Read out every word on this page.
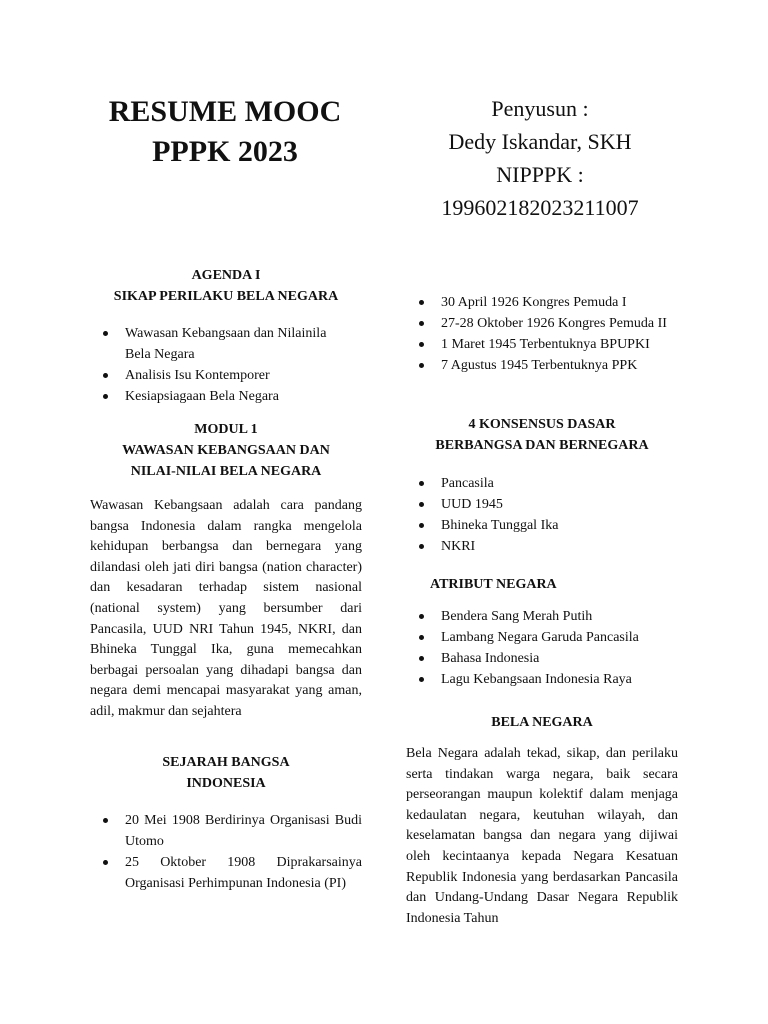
RESUME MOOC
PPPK 2023
Penyusun :
Dedy Iskandar, SKH
NIPPPK :
199602182023211007
AGENDA I
SIKAP PERILAKU BELA NEGARA
Wawasan Kebangsaan dan Nilainila Bela Negara
Analisis Isu Kontemporer
Kesiapsiagaan Bela Negara
MODUL 1
WAWASAN KEBANGSAAN DAN
NILAI-NILAI BELA NEGARA

Wawasan Kebangsaan adalah cara pandang bangsa Indonesia dalam rangka mengelola kehidupan berbangsa dan bernegara yang dilandasi oleh jati diri bangsa (nation character) dan kesadaran terhadap sistem nasional (national system) yang bersumber dari Pancasila, UUD NRI Tahun 1945, NKRI, dan Bhineka Tunggal Ika, guna memecahkan berbagai persoalan yang dihadapi bangsa dan negara demi mencapai masyarakat yang aman, adil, makmur dan sejahtera

SEJARAH BANGSA
INDONESIA
20 Mei 1908 Berdirinya Organisasi Budi Utomo
25 Oktober 1908 Diprakarsainya Organisasi Perhimpunan Indonesia (PI)
30 April 1926 Kongres Pemuda I
27-28 Oktober 1926 Kongres Pemuda II
1 Maret 1945 Terbentuknya BPUPKI
7 Agustus 1945 Terbentuknya PPK
4 KONSENSUS DASAR
BERBANGSA DAN BERNEGARA
Pancasila
UUD 1945
Bhineka Tunggal Ika
NKRI
ATRIBUT NEGARA
Bendera Sang Merah Putih
Lambang Negara Garuda Pancasila
Bahasa Indonesia
Lagu Kebangsaan Indonesia Raya
BELA NEGARA

Bela Negara adalah tekad, sikap, dan perilaku serta tindakan warga negara, baik secara perseorangan maupun kolektif dalam menjaga kedaulatan negara, keutuhan wilayah, dan keselamatan bangsa dan negara yang dijiwai oleh kecintaanya kepada Negara Kesatuan Republik Indonesia yang berdasarkan Pancasila dan Undang-Undang Dasar Negara Republik Indonesia Tahun
